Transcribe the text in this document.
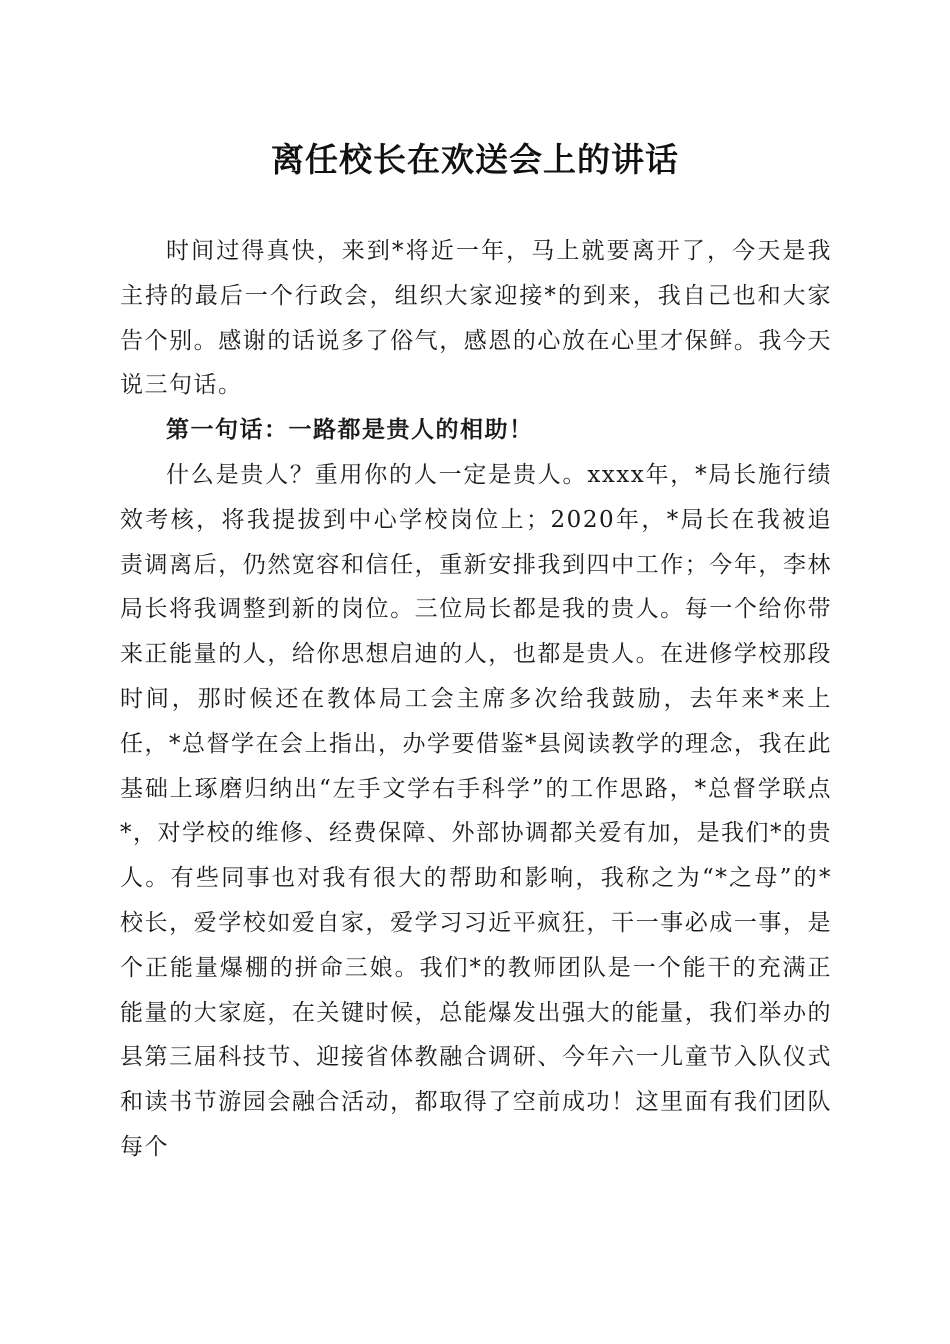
离任校长在欢送会上的讲话

时间过得真快，来到*将近一年，马上就要离开了，今天是我主持的最后一个行政会，组织大家迎接*的到来，我自己也和大家告个别。感谢的话说多了俗气，感恩的心放在心里才保鲜。我今天说三句话。

第一句话：一路都是贵人的相助！

什么是贵人？重用你的人一定是贵人。xxxx年，*局长施行绩效考核，将我提拔到中心学校岗位上；2020年，*局长在我被追责调离后，仍然宽容和信任，重新安排我到四中工作；今年，李林局长将我调整到新的岗位。三位局长都是我的贵人。每一个给你带来正能量的人，给你思想启迪的人，也都是贵人。在进修学校那段时间，那时候还在教体局工会主席多次给我鼓励，去年来*来上任，*总督学在会上指出，办学要借鉴*县阅读教学的理念，我在此基础上琢磨归纳出“左手文学右手科学”的工作思路，*总督学联点*，对学校的维修、经费保障、外部协调都关爱有加，是我们*的贵人。有些同事也对我有很大的帮助和影响，我称之为“*之母”的*校长，爱学校如爱自家，爱学习习近平疯狂，干一事必成一事，是个正能量爆棚的拼命三娘。我们*的教师团队是一个能干的充满正能量的大家庭，在关键时候，总能爆发出强大的能量，我们举办的县第三届科技节、迎接省体教融合调研、今年六一儿童节入队仪式和读书节游园会融合活动，都取得了空前成功！这里面有我们团队每个
